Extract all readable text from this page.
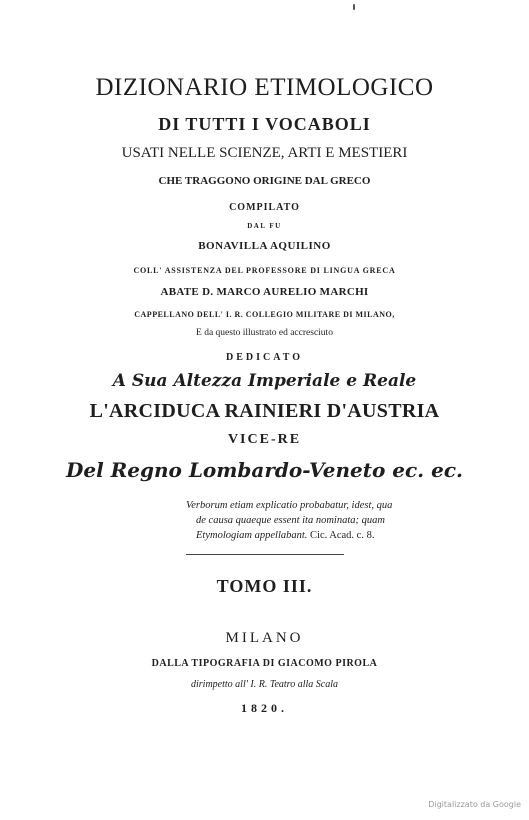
DIZIONARIO ETIMOLOGICO
DI TUTTI I VOCABOLI
USATI NELLE SCIENZE, ARTI E MESTIERI
CHE TRAGGONO ORIGINE DAL GRECO
COMPILATO
DAL FU
BONAVILLA AQUILINO
COLL' ASSISTENZA DEL PROFESSORE DI LINGUA GRECA
ABATE D. MARCO AURELIO MARCHI
CAPPELLANO DELL' I. R. COLLEGIO MILITARE DI MILANO,
E da questo illustrato ed accresciuto
DEDICATO
A Sua Altezza Imperiale e Reale
L'ARCIDUCA RAINIERI D'AUSTRIA
VICE-RE
Del Regno Lombardo-Veneto ec. ec.
Verborum etiam explicatio probabatur, idest, qua
de causa quaeque essent ita nominata; quam
Etymologiam appellabant. Cic. Acad. c. 8.
TOMO III.
MILANO
DALLA TIPOGRAFIA DI GIACOMO PIROLA
dirimpetto all' I. R. Teatro alla Scala
1820.
Digitalizzato da Google
